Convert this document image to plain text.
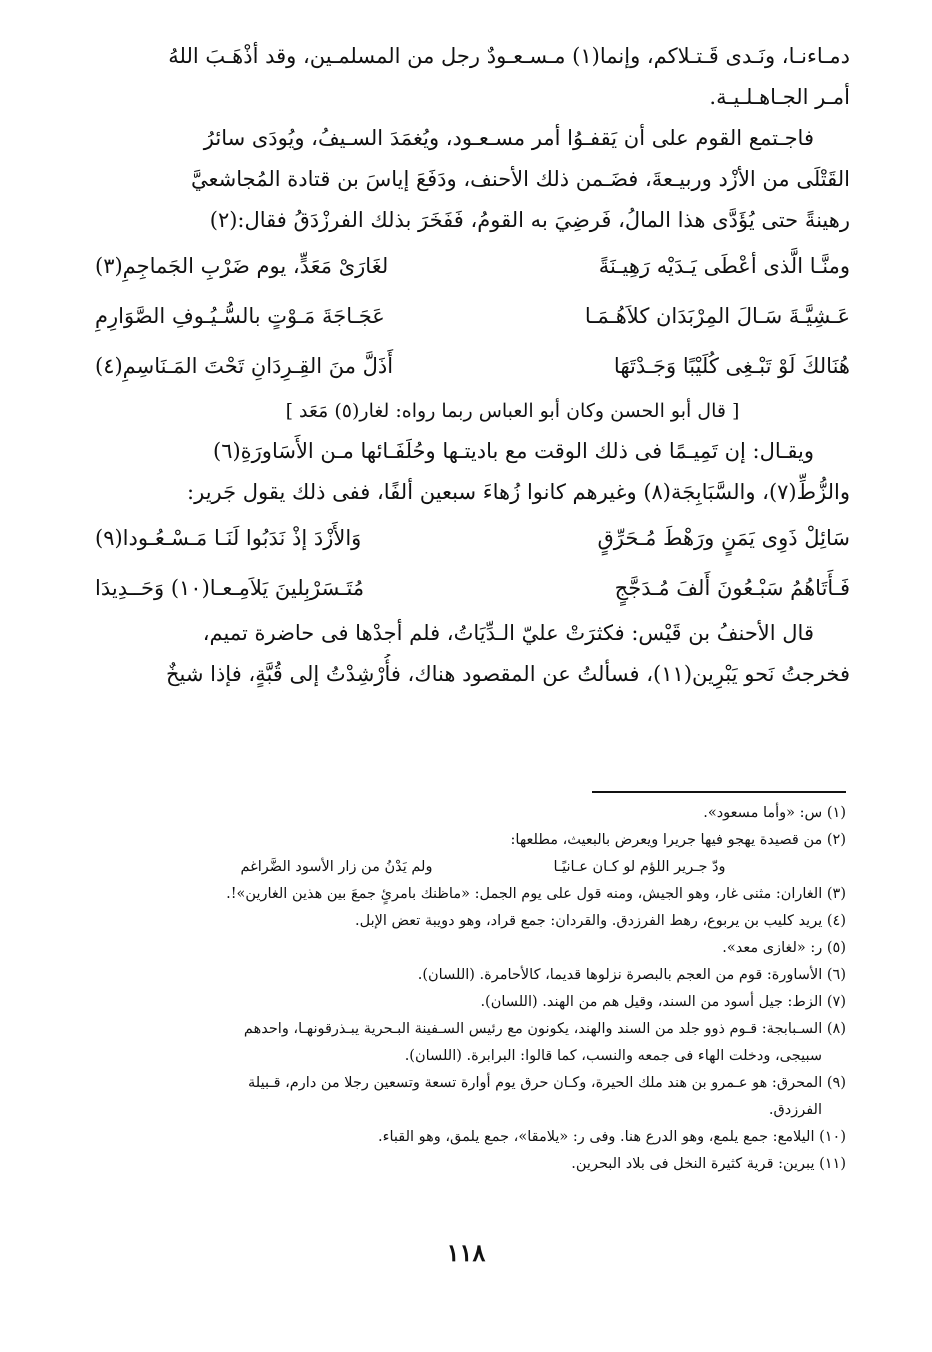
دمـاءنـا، ونَـدى قَـتـلاكم، وإنما(١) مـسـعـودٌ رجل من المسلمـين، وقد أذْهَـبَ اللهُ
أمـر الجـاهـلـيـة.
فاجـتمع القوم على أن يَقفـوُا أمر مسـعـود، ويُغمَدَ السـيفُ، ويُودَى سائرُ
القَتْلَى من الأزْد وربيـعةَ، فضَـمن ذلك الأحنف، ودَفَعَ إياسَ بن قتادة المُجاشعيَّ
رهينةً حتى يُؤَدَّى هذا المالُ، فَرضِيَ به القومُ، فَفَخَرَ بذلك الفرزْدَقُ فقال:(٢)
ومنَّـا الَّذى أعْطَى يَـدَيْه رَهِيـنَةً
لغَارَىْ مَعَدٍّ، يوم ضَرْبِ الجَماجِمِ(٣)
عَـشِيَّـةَ سَـالَ المِرْبَدَان كلاَهُـمَـا
عَجَـاجَةَ مَـوْتٍ بالسُّـيُـوفِ الصَّوَارِمِ
هُنَالكَ لَوْ تَبْـغِى كُلَيْبًا وَجَـدْتَهَا
أَذَلَّ منَ القِـرِدَانِ تَحْتَ المَـنَاسِمِ(٤)
[ قال أبو الحسن وكان أبو العباس ربما رواه: لغار(٥) مَعَد ]
ويقـال: إن تَمِيـمًا فى ذلك الوقت مع باديتـها وحُلَفَـائها مـن الأَسَاورَةِ(٦)
والزُّطِّ(٧)، والسَّبَابِجَة(٨) وغيرهم كانوا زُهاءَ سبعين ألفًا، ففى ذلك يقول جَرير:
سَائِلْ ذَوِى يَمَنٍ ورَهْطَ مُـحَرِّقٍ
وَالأَزْدَ إذْ نَدَبُوا لَنَـا مَـسْـعُـودا(٩)
فَـأَتَاهُمُ سَبْـعُونَ أَلفَ مُـدَجَّجٍ
مُتَـسَرْبِلينَ يَلاَمِـعـا(١٠) وَحَــدِيدَا
قال الأحنفُ بن قَيْس: فكثرَتْ عليّ الـدِّيَاتُ، فلم أجدْها فى حاضرة تميم،
فخرجتُ نَحو يَبْرِين(١١)، فسألتُ عن المقصود هناك، فأُرْشِدْتُ إلى قُبَّةٍ، فإذا شيخٌ
(١) س: «وأما مسعود».
(٢) من قصيدة يهجو فيها جريرا ويعرض بالبعيث، مطلعها:
ودّ جـرير اللؤم لو كـان عـانيًـا
ولم يَدْنُ من زار الأسود الضَّراغم
(٣) الغاران: مثنى غار، وهو الجيش، ومنه قول على يوم الجمل: «ماظنك بامرئٍ جمعَ بين هذين الغارين»!.
(٤) يريد كليب بن يربوع، رهط الفرزدق. والقردان: جمع قراد، وهو دويبة تعض الإبل.
(٥) ر: «لغازى معد».
(٦) الأساورة: قوم من العجم بالبصرة نزلوها قديما، كالأحامرة. (اللسان).
(٧) الزط: جيل أسود من السند، وقيل هم من الهند. (اللسان).
(٨) السـبابجة: قـوم ذوو جلد من السند والهند، يكونون مع رئيس السـفينة البـحرية يبـذرقونهـا، واحدهم
سبيجى، ودخلت الهاء فى جمعه والنسب، كما قالوا: البرابرة. (اللسان).
(٩) المحرق: هو عـمرو بن هند ملك الحيرة، وكـان حرق يوم أوارة تسعة وتسعين رجلا من دارم، قـبيلة
الفرزدق.
(١٠) اليلامع: جمع يلمع، وهو الدرع هنا. وفى ر: «يلامقا»، جمع يلمق، وهو القباء.
(١١) يبرين: قرية كثيرة النخل فى بلاد البحرين.
١١٨
